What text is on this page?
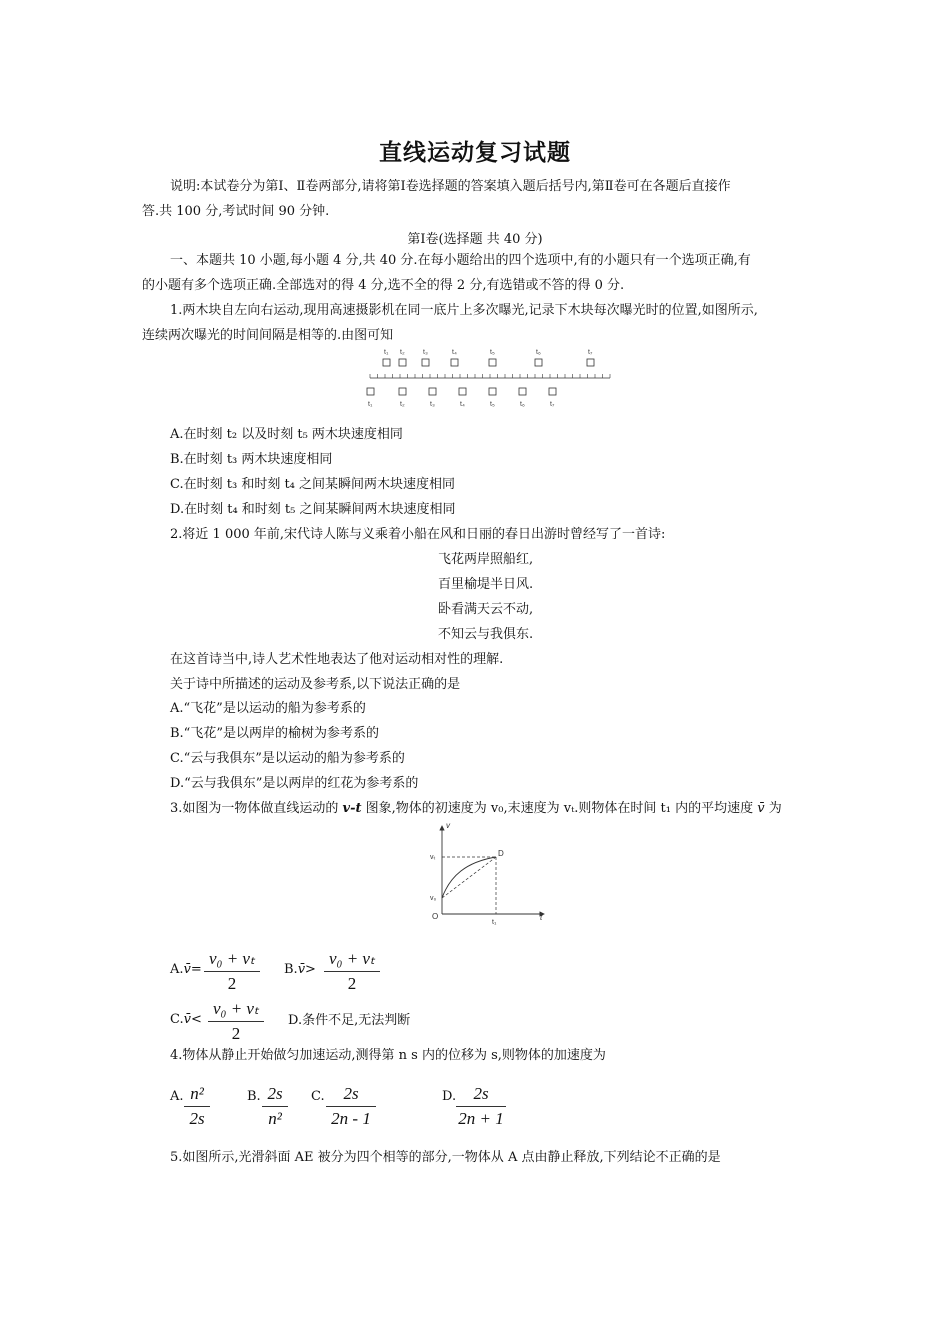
直线运动复习试题
说明:本试卷分为第Ⅰ、Ⅱ卷两部分,请将第Ⅰ卷选择题的答案填入题后括号内,第Ⅱ卷可在各题后直接作
答.共 100 分,考试时间 90 分钟.
第Ⅰ卷(选择题 共 40 分)
一、本题共 10 小题,每小题 4 分,共 40 分.在每小题给出的四个选项中,有的小题只有一个选项正确,有
的小题有多个选项正确.全部选对的得 4 分,选不全的得 2 分,有选错或不答的得 0 分.
1.两木块自左向右运动,现用高速摄影机在同一底片上多次曝光,记录下木块每次曝光时的位置,如图所示,
连续两次曝光的时间间隔是相等的.由图可知
t₁ t₂	t₃	t₄	t₅	t₆	t₇
t₁	t₂	t₃	t₄	t₅	t₆	t₇
A.在时刻 t₂ 以及时刻 t₅ 两木块速度相同
B.在时刻 t₃ 两木块速度相同
C.在时刻 t₃ 和时刻 t₄ 之间某瞬间两木块速度相同
D.在时刻 t₄ 和时刻 t₅ 之间某瞬间两木块速度相同
2.将近 1 000 年前,宋代诗人陈与义乘着小船在风和日丽的春日出游时曾经写了一首诗:
飞花两岸照船红,
百里榆堤半日风.
卧看满天云不动,
不知云与我俱东.
在这首诗当中,诗人艺术性地表达了他对运动相对性的理解.
关于诗中所描述的运动及参考系,以下说法正确的是
A.“飞花”是以运动的船为参考系的
B.“飞花”是以两岸的榆树为参考系的
C.“云与我俱东”是以运动的船为参考系的
D.“云与我俱东”是以两岸的红花为参考系的
3.如图为一物体做直线运动的 v-t 图象,物体的初速度为 v₀,末速度为 vₜ.则物体在时间 t₁ 内的平均速度 v̄ 为
v
t
O
vₜ
v₀
t₁
D
A.v̄=
v₀ + vₜ
2
B.v̄>
v₀ + vₜ
2
C.v̄<
v₀ + vₜ
2
D.条件不足,无法判断
4.物体从静止开始做匀加速运动,测得第 n s 内的位移为 s,则物体的加速度为
A. n²
2s
B. 2s
n²
C.	2s
2n - 1
D.	2s
2n + 1
5.如图所示,光滑斜面 AE 被分为四个相等的部分,一物体从 A 点由静止释放,下列结论不正确的是
